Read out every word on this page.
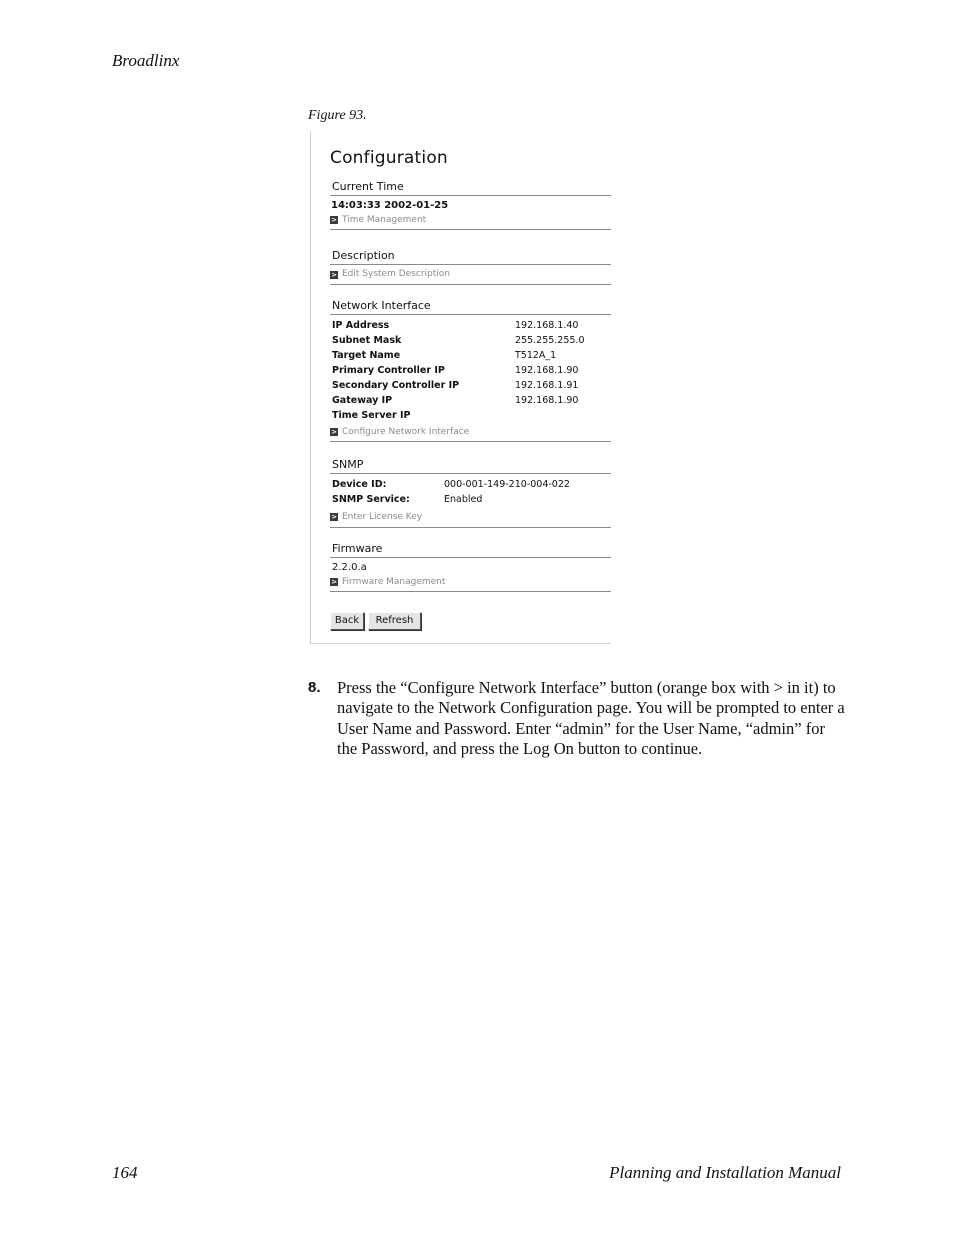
Broadlinx
Figure 93.
Configuration
Current Time
14:03:33 2002-01-25
> Time Management
Description
> Edit System Description
Network Interface
IP Address	192.168.1.40
Subnet Mask	255.255.255.0
Target Name	T512A_1
Primary Controller IP	192.168.1.90
Secondary Controller IP	192.168.1.91
Gateway IP	192.168.1.90
Time Server IP	
> Configure Network Interface
SNMP
Device ID:	000-001-149-210-004-022
SNMP Service:	Enabled
> Enter License Key
Firmware
2.2.0.a
> Firmware Management
Back	Refresh
8. Press the “Configure Network Interface” button (orange box with > in it) to navigate to the Network Configuration page. You will be prompted to enter a User Name and Password. Enter “admin” for the User Name, “admin” for the Password, and press the Log On button to continue.
164	Planning and Installation Manual
